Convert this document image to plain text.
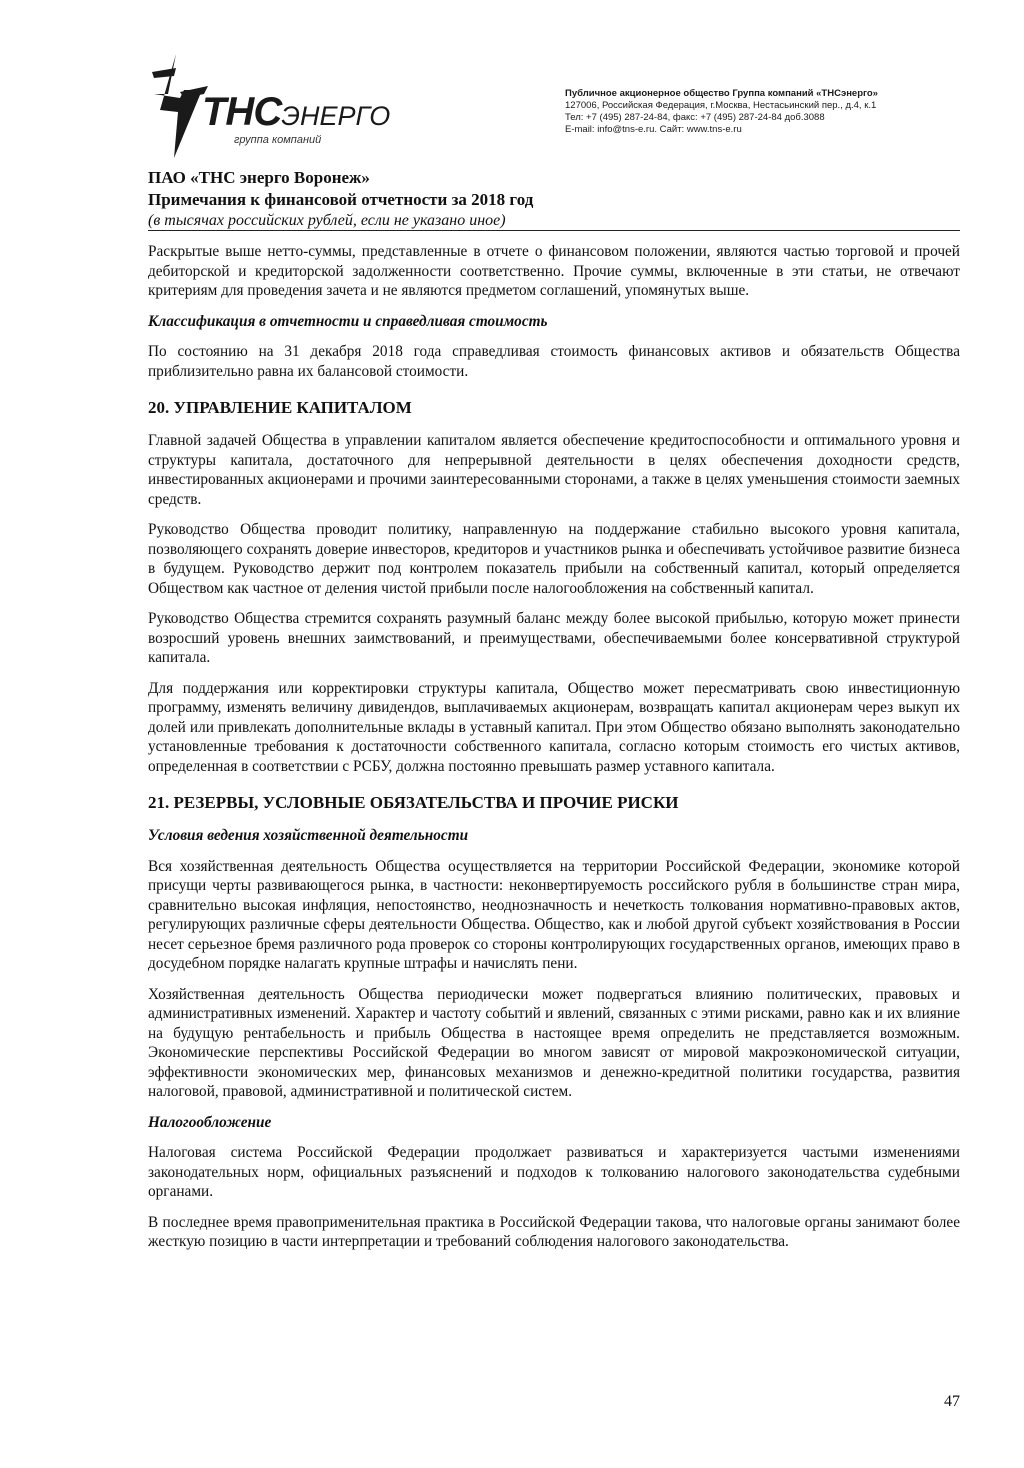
ТНСЭНЕРГО
группа компаний
Публичное акционерное общество Группа компаний «ТНСэнерго»
127006, Российская Федерация, г.Москва, Нестасьинский пер., д.4, к.1
Тел: +7 (495) 287-24-84, факс: +7 (495) 287-24-84 доб.3088
E-mail: info@tns-e.ru. Сайт: www.tns-e.ru
ПАО «ТНС энерго Воронеж»
Примечания к финансовой отчетности за 2018 год
(в тысячах российских рублей, если не указано иное)

Раскрытые выше нетто-суммы, представленные в отчете о финансовом положении, являются частью торговой и прочей дебиторской и кредиторской задолженности соответственно. Прочие суммы, включенные в эти статьи, не отвечают критериям для проведения зачета и не являются предметом соглашений, упомянутых выше.

Классификация в отчетности и справедливая стоимость

По состоянию на 31 декабря 2018 года справедливая стоимость финансовых активов и обязательств Общества приблизительно равна их балансовой стоимости.

20. УПРАВЛЕНИЕ КАПИТАЛОМ

Главной задачей Общества в управлении капиталом является обеспечение кредитоспособности и оптимального уровня и структуры капитала, достаточного для непрерывной деятельности в целях обеспечения доходности средств, инвестированных акционерами и прочими заинтересованными сторонами, а также в целях уменьшения стоимости заемных средств.

Руководство Общества проводит политику, направленную на поддержание стабильно высокого уровня капитала, позволяющего сохранять доверие инвесторов, кредиторов и участников рынка и обеспечивать устойчивое развитие бизнеса в будущем. Руководство держит под контролем показатель прибыли на собственный капитал, который определяется Обществом как частное от деления чистой прибыли после налогообложения на собственный капитал.

Руководство Общества стремится сохранять разумный баланс между более высокой прибылью, которую может принести возросший уровень внешних заимствований, и преимуществами, обеспечиваемыми более консервативной структурой капитала.

Для поддержания или корректировки структуры капитала, Общество может пересматривать свою инвестиционную программу, изменять величину дивидендов, выплачиваемых акционерам, возвращать капитал акционерам через выкуп их долей или привлекать дополнительные вклады в уставный капитал. При этом Общество обязано выполнять законодательно установленные требования к достаточности собственного капитала, согласно которым стоимость его чистых активов, определенная в соответствии с РСБУ, должна постоянно превышать размер уставного капитала.

21. РЕЗЕРВЫ, УСЛОВНЫЕ ОБЯЗАТЕЛЬСТВА И ПРОЧИЕ РИСКИ
Условия ведения хозяйственной деятельности

Вся хозяйственная деятельность Общества осуществляется на территории Российской Федерации, экономике которой присущи черты развивающегося рынка, в частности: неконвертируемость российского рубля в большинстве стран мира, сравнительно высокая инфляция, непостоянство, неоднозначность и нечеткость толкования нормативно-правовых актов, регулирующих различные сферы деятельности Общества. Общество, как и любой другой субъект хозяйствования в России несет серьезное бремя различного рода проверок со стороны контролирующих государственных органов, имеющих право в досудебном порядке налагать крупные штрафы и начислять пени.

Хозяйственная деятельность Общества периодически может подвергаться влиянию политических, правовых и административных изменений. Характер и частоту событий и явлений, связанных с этими рисками, равно как и их влияние на будущую рентабельность и прибыль Общества в настоящее время определить не представляется возможным. Экономические перспективы Российской Федерации во многом зависят от мировой макроэкономической ситуации, эффективности экономических мер, финансовых механизмов и денежно-кредитной политики государства, развития налоговой, правовой, административной и политической систем.

Налогообложение

Налоговая система Российской Федерации продолжает развиваться и характеризуется частыми изменениями законодательных норм, официальных разъяснений и подходов к толкованию налогового законодательства судебными органами.

В последнее время правоприменительная практика в Российской Федерации такова, что налоговые органы занимают более жесткую позицию в части интерпретации и требований соблюдения налогового законодательства.

47
